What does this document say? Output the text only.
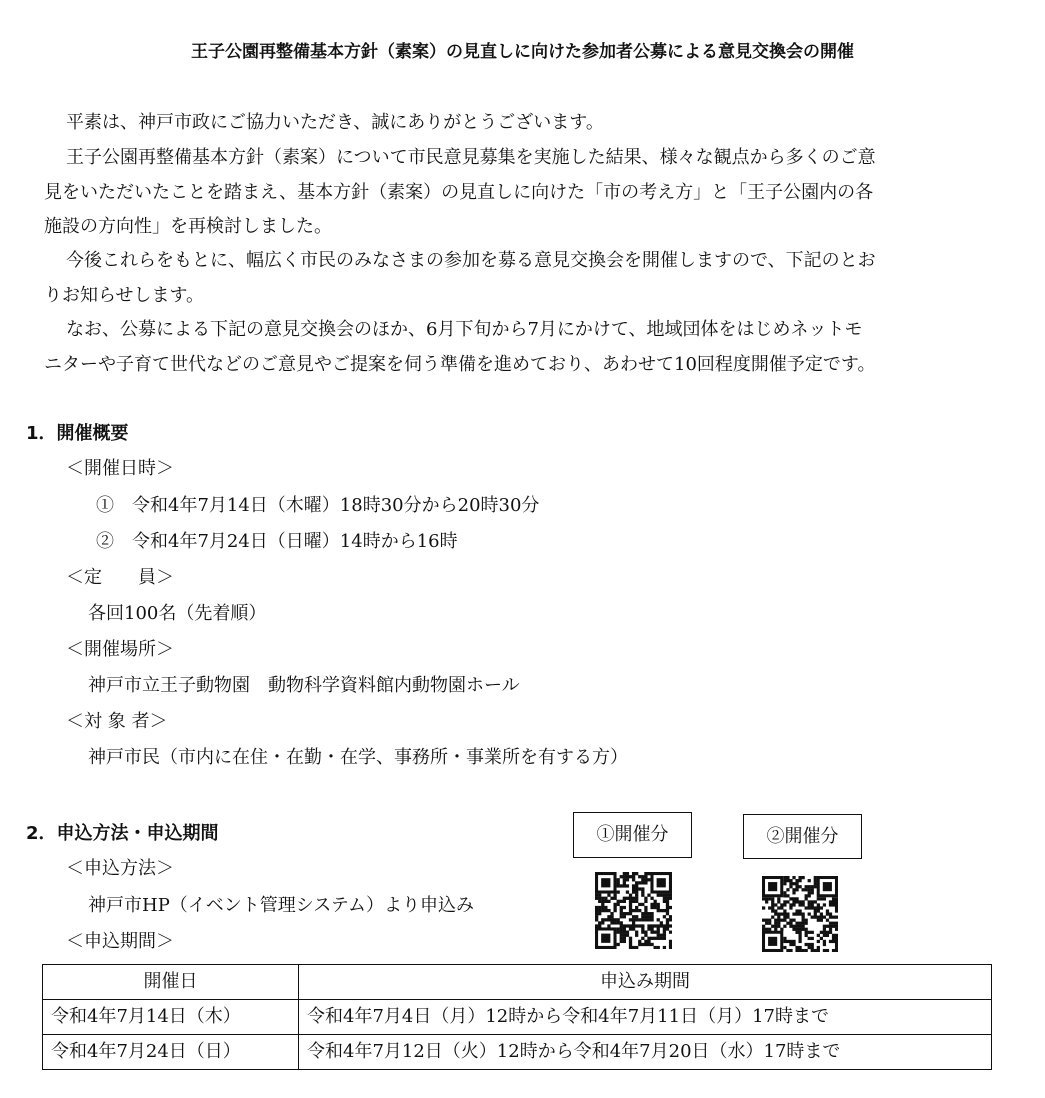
王子公園再整備基本方針（素案）の見直しに向けた参加者公募による意見交換会の開催
平素は、神戸市政にご協力いただき、誠にありがとうございます。
王子公園再整備基本方針（素案）について市民意見募集を実施した結果、様々な観点から多くのご意
見をいただいたことを踏まえ、基本方針（素案）の見直しに向けた「市の考え方」と「王子公園内の各
施設の方向性」を再検討しました。
今後これらをもとに、幅広く市民のみなさまの参加を募る意見交換会を開催しますので、下記のとお
りお知らせします。
なお、公募による下記の意見交換会のほか、6月下旬から7月にかけて、地域団体をはじめネットモ
ニターや子育て世代などのご意見やご提案を伺う準備を進めており、あわせて10回程度開催予定です。
1．開催概要
＜開催日時＞
①　令和4年7月14日（木曜）18時30分から20時30分
②　令和4年7月24日（日曜）14時から16時
＜定　　員＞
各回100名（先着順）
＜開催場所＞
神戸市立王子動物園　動物科学資料館内動物園ホール
＜対 象 者＞
神戸市民（市内に在住・在勤・在学、事務所・事業所を有する方）
2．申込方法・申込期間
＜申込方法＞
神戸市HP（イベント管理システム）より申込み
＜申込期間＞
①開催分	②開催分
開催日	申込み期間
令和4年7月14日（木）	令和4年7月4日（月）12時から令和4年7月11日（月）17時まで
令和4年7月24日（日）	令和4年7月12日（火）12時から令和4年7月20日（水）17時まで
